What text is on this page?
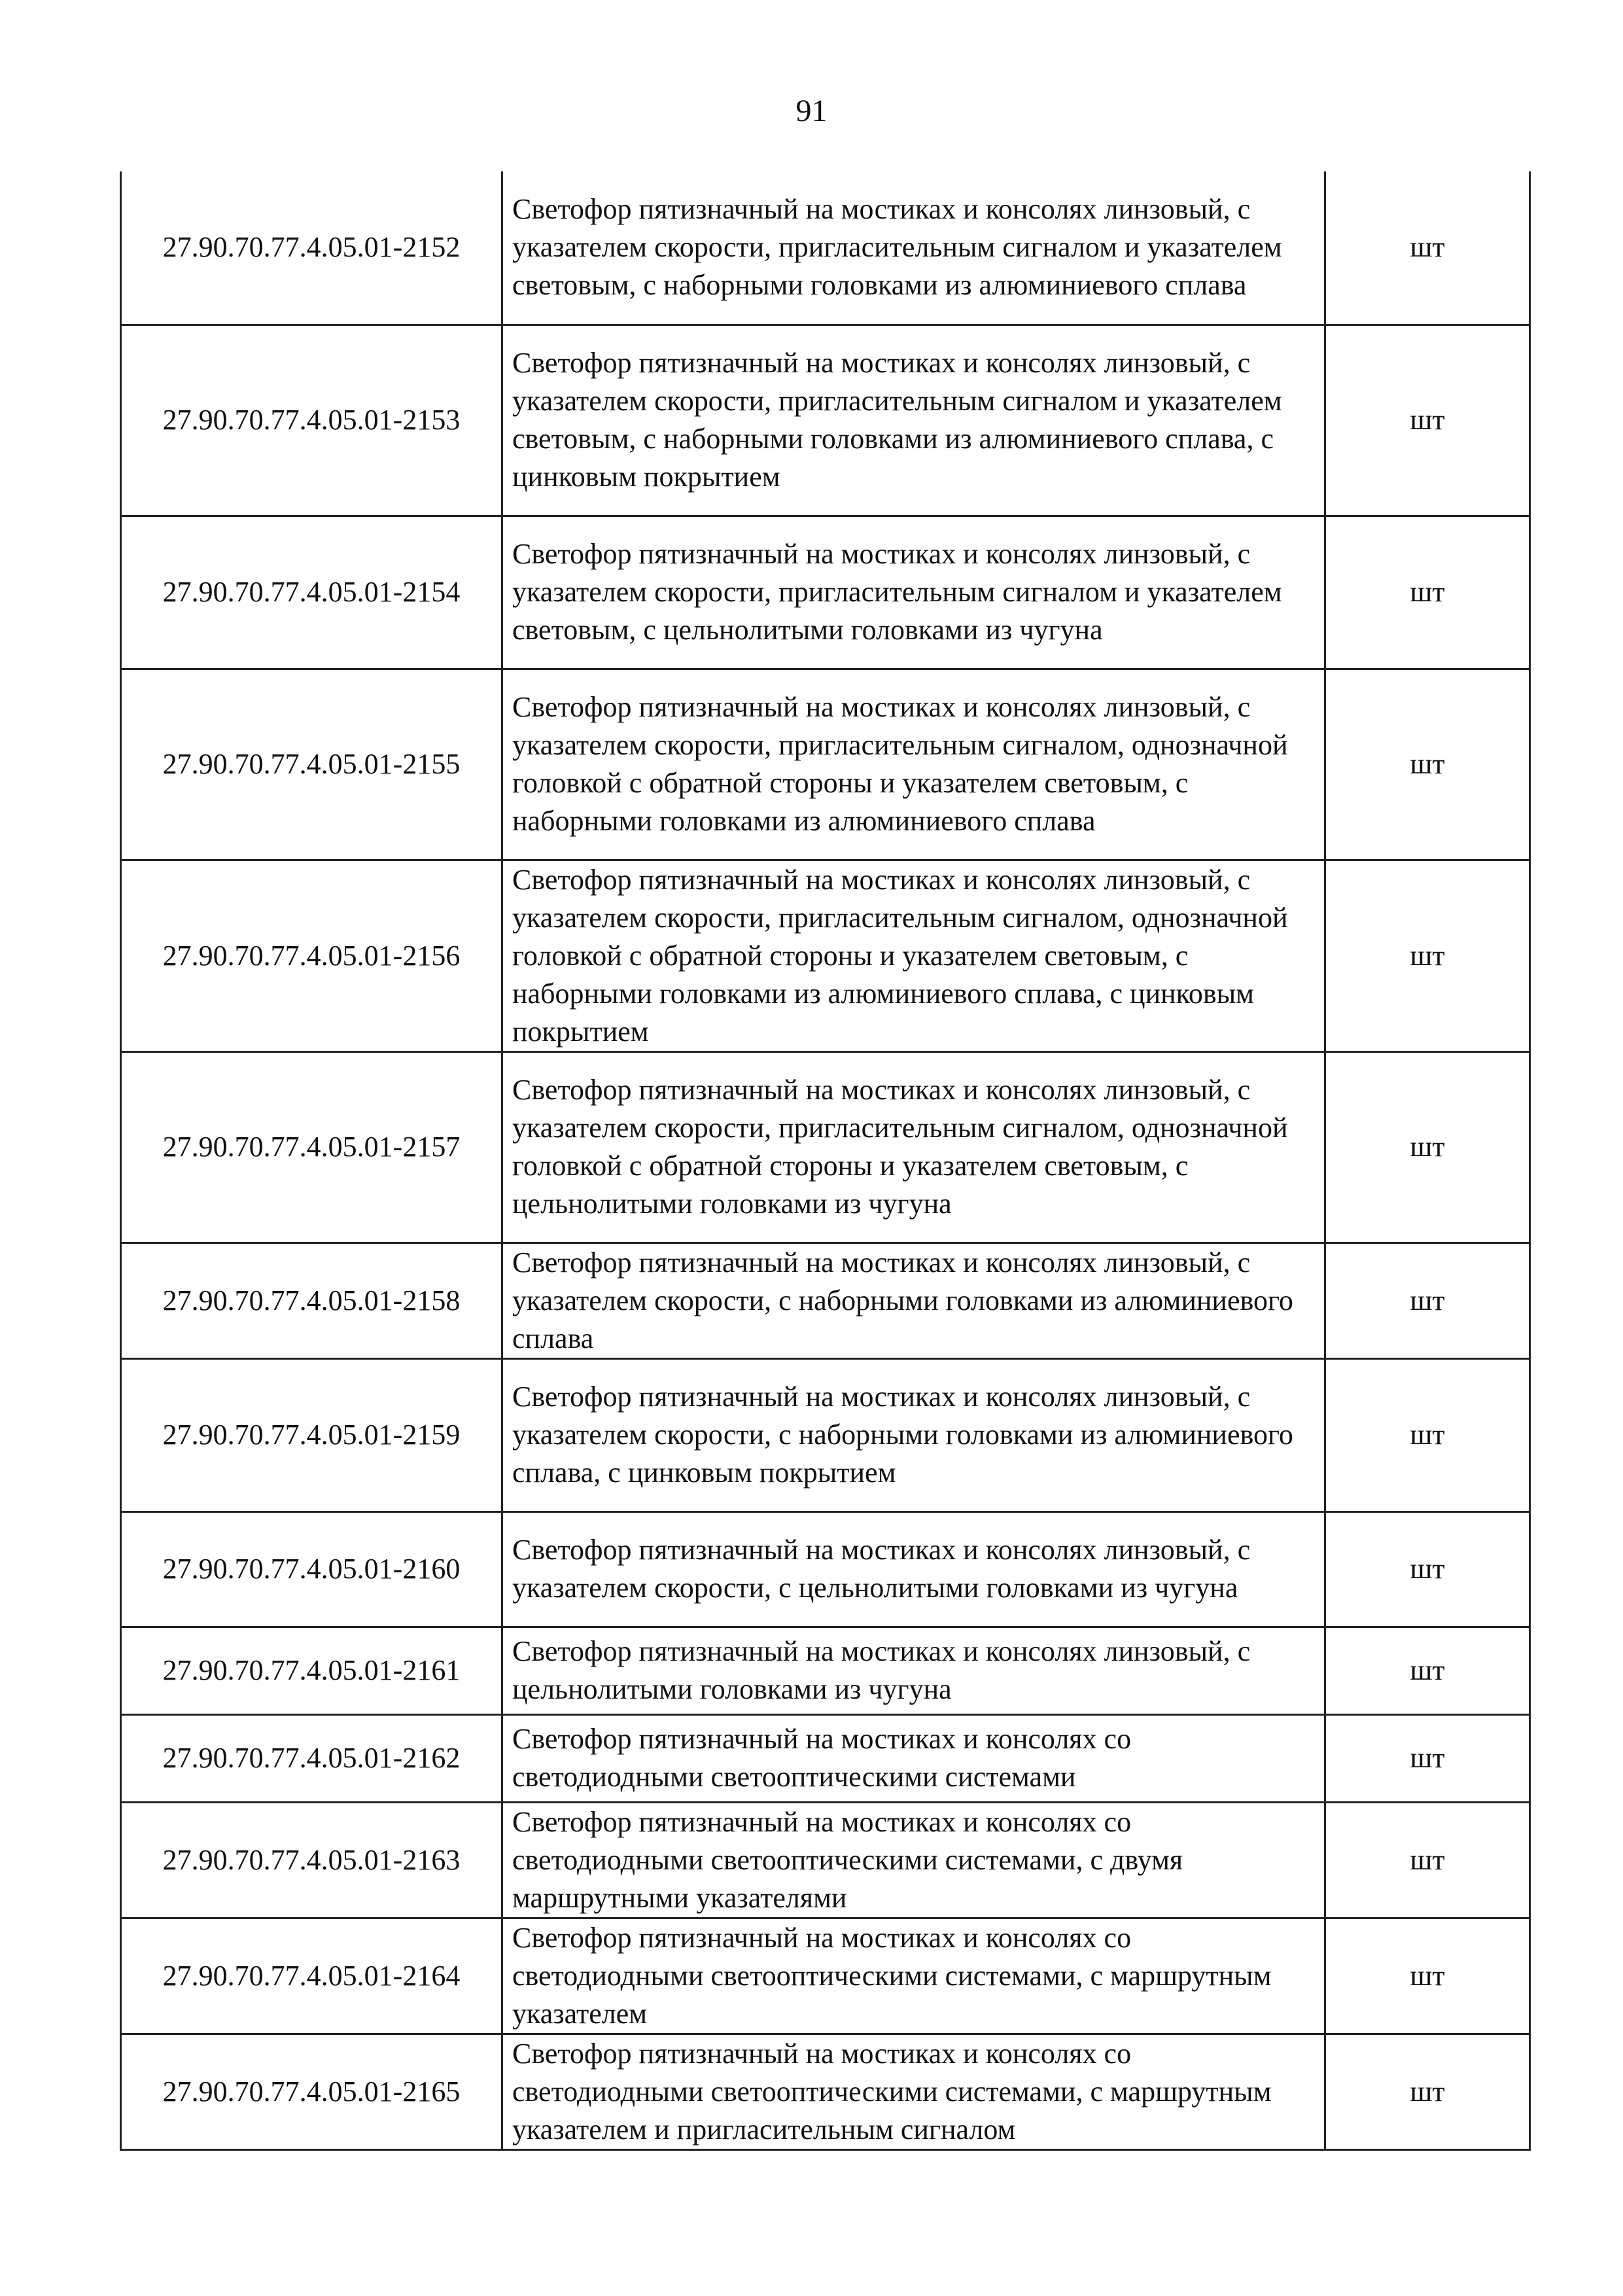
91
27.90.70.77.4.05.01-2152	Светофор пятизначный на мостиках и консолях линзовый, с указателем скорости, пригласительным сигналом и указателем световым, с наборными головками из алюминиевого сплава	шт
27.90.70.77.4.05.01-2153	Светофор пятизначный на мостиках и консолях линзовый, с указателем скорости, пригласительным сигналом и указателем световым, с наборными головками из алюминиевого сплава, с цинковым покрытием	шт
27.90.70.77.4.05.01-2154	Светофор пятизначный на мостиках и консолях линзовый, с указателем скорости, пригласительным сигналом и указателем световым, с цельнолитыми головками из чугуна	шт
27.90.70.77.4.05.01-2155	Светофор пятизначный на мостиках и консолях линзовый, с указателем скорости, пригласительным сигналом, однозначной головкой с обратной стороны и указателем световым, с наборными головками из алюминиевого сплава	шт
27.90.70.77.4.05.01-2156	Светофор пятизначный на мостиках и консолях линзовый, с указателем скорости, пригласительным сигналом, однозначной головкой с обратной стороны и указателем световым, с наборными головками из алюминиевого сплава, с цинковым покрытием	шт
27.90.70.77.4.05.01-2157	Светофор пятизначный на мостиках и консолях линзовый, с указателем скорости, пригласительным сигналом, однозначной головкой с обратной стороны и указателем световым, с цельнолитыми головками из чугуна	шт
27.90.70.77.4.05.01-2158	Светофор пятизначный на мостиках и консолях линзовый, с указателем скорости, с наборными головками из алюминиевого сплава	шт
27.90.70.77.4.05.01-2159	Светофор пятизначный на мостиках и консолях линзовый, с указателем скорости, с наборными головками из алюминиевого сплава, с цинковым покрытием	шт
27.90.70.77.4.05.01-2160	Светофор пятизначный на мостиках и консолях линзовый, с указателем скорости, с цельнолитыми головками из чугуна	шт
27.90.70.77.4.05.01-2161	Светофор пятизначный на мостиках и консолях линзовый, с цельнолитыми головками из чугуна	шт
27.90.70.77.4.05.01-2162	Светофор пятизначный на мостиках и консолях со светодиодными светооптическими системами	шт
27.90.70.77.4.05.01-2163	Светофор пятизначный на мостиках и консолях со светодиодными светооптическими системами, с двумя маршрутными указателями	шт
27.90.70.77.4.05.01-2164	Светофор пятизначный на мостиках и консолях со светодиодными светооптическими системами, с маршрутным указателем	шт
27.90.70.77.4.05.01-2165	Светофор пятизначный на мостиках и консолях со светодиодными светооптическими системами, с маршрутным указателем и пригласительным сигналом	шт
